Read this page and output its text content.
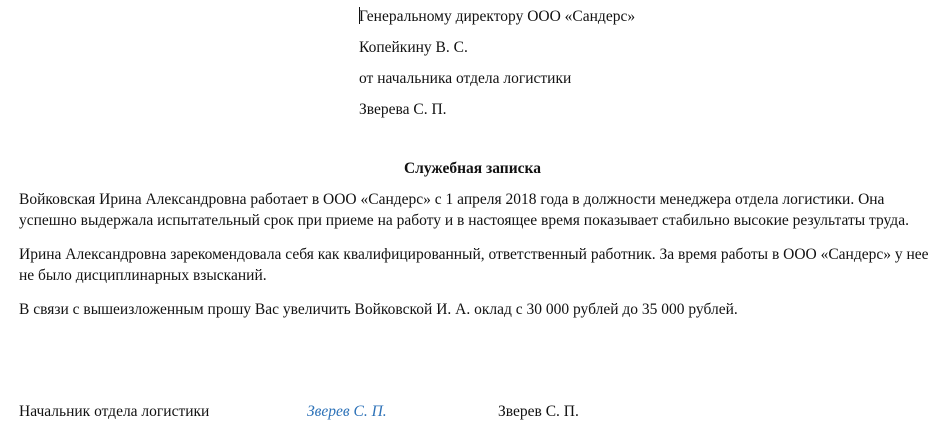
Генеральному директору ООО «Сандерс»
Копейкину В. С.
от начальника отдела логистики
Зверева С. П.
Служебная записка

Войковская Ирина Александровна работает в ООО «Сандерс» с 1 апреля 2018 года в должности менеджера отдела логистики. Она успешно выдержала испытательный срок при приеме на работу и в настоящее время показывает стабильно высокие результаты труда.

Ирина Александровна зарекомендовала себя как квалифицированный, ответственный работник. За время работы в ООО «Сандерс» у нее не было дисциплинарных взысканий.

В связи с вышеизложенным прошу Вас увеличить Войковской И. А. оклад с 30 000 рублей до 35 000 рублей.

Начальник отдела логистики	Зверев С. П.	Зверев С. П.
